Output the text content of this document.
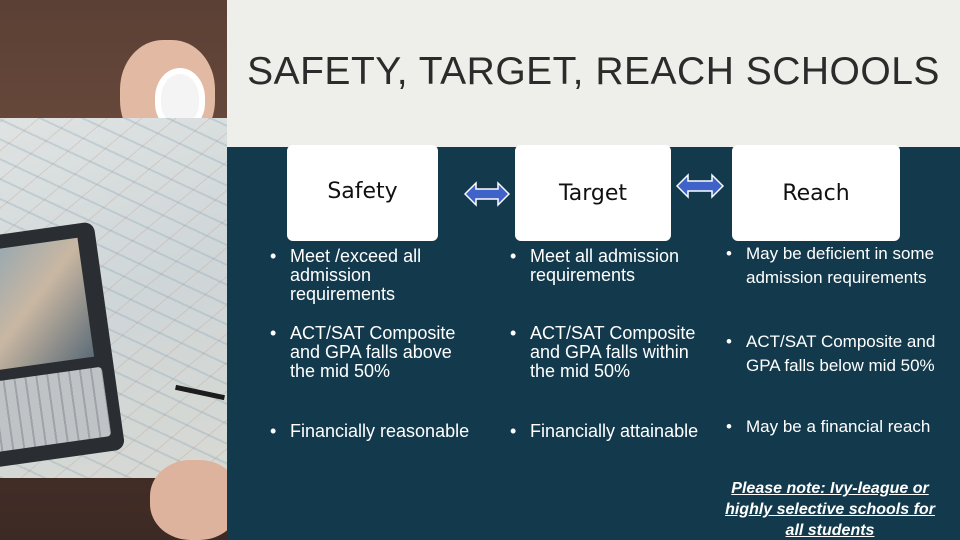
SAFETY, TARGET, REACH SCHOOLS
Safety	Target	Reach
• Meet /exceed all admission requirements
• ACT/SAT Composite and GPA falls above the mid 50%
• Financially reasonable
• Meet all admission requirements
• ACT/SAT Composite and GPA falls within the mid 50%
• Financially attainable
• May be deficient in some admission requirements
• ACT/SAT Composite and GPA falls below mid 50%
• May be a financial reach
Please note: Ivy-league or highly selective schools for all students
